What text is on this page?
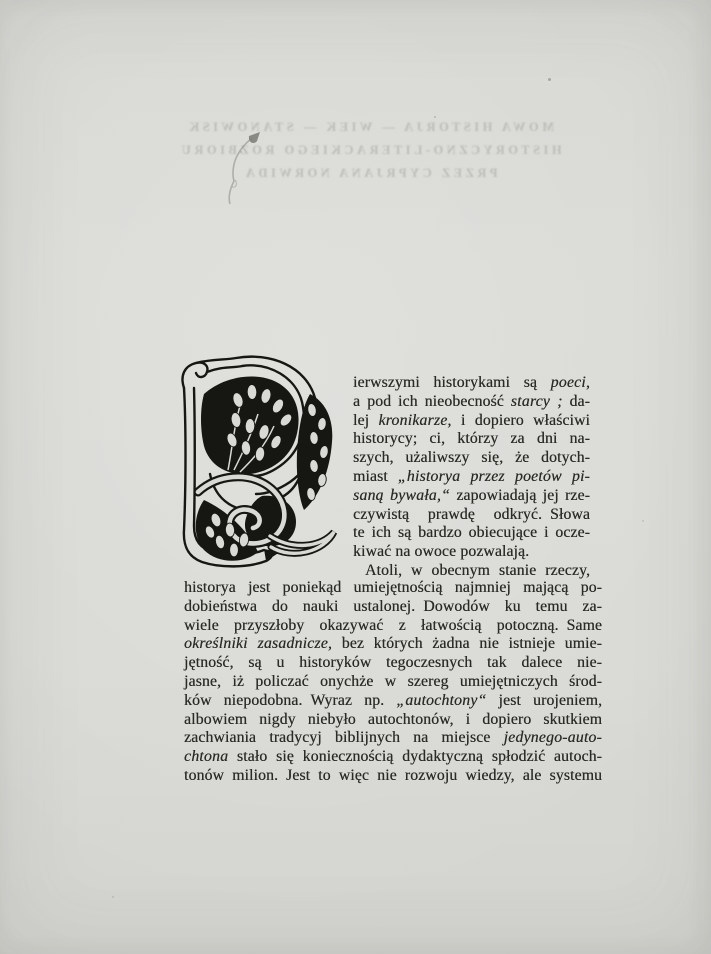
MOWA HISTORJA — WIEK — STANOWISK
HISTORYCZNO-LITERACKIEGO ROZBIORU
PRZEZ CYPRJANA NORWIDA
ierwszymi historykami są poeci,
a pod ich nieobecność starcy ; da-
lej kronikarze, i dopiero właściwi
historycy; ci, którzy za dni na-
szych, użaliwszy się, że dotych-
miast „historya przez poetów pi-
saną bywała,“ zapowiadają jej rze-
czywistą prawdę odkryć. Słowa
te ich są bardzo obiecujące i ocze-
kiwać na owoce pozwalają.
Atoli, w obecnym stanie rzeczy,
historya jest poniekąd umiejętnością najmniej mającą po-
dobieństwa do nauki ustalonej. Dowodów ku temu za-
wiele przyszłoby okazywać z łatwością potoczną. Same
określniki zasadnicze, bez których żadna nie istnieje umie-
jętność, są u historyków tegoczesnych tak dalece nie-
jasne, iż policzać onychże w szereg umiejętniczych środ-
ków niepodobna. Wyraz np. „autochtony“ jest urojeniem,
albowiem nigdy niebyło autochtonów, i dopiero skutkiem
zachwiania tradycyj biblijnych na miejsce jedynego-auto-
chtona stało się koniecznością dydaktyczną spłodzić autoch-
tonów milion. Jest to więc nie rozwoju wiedzy, ale systemu
